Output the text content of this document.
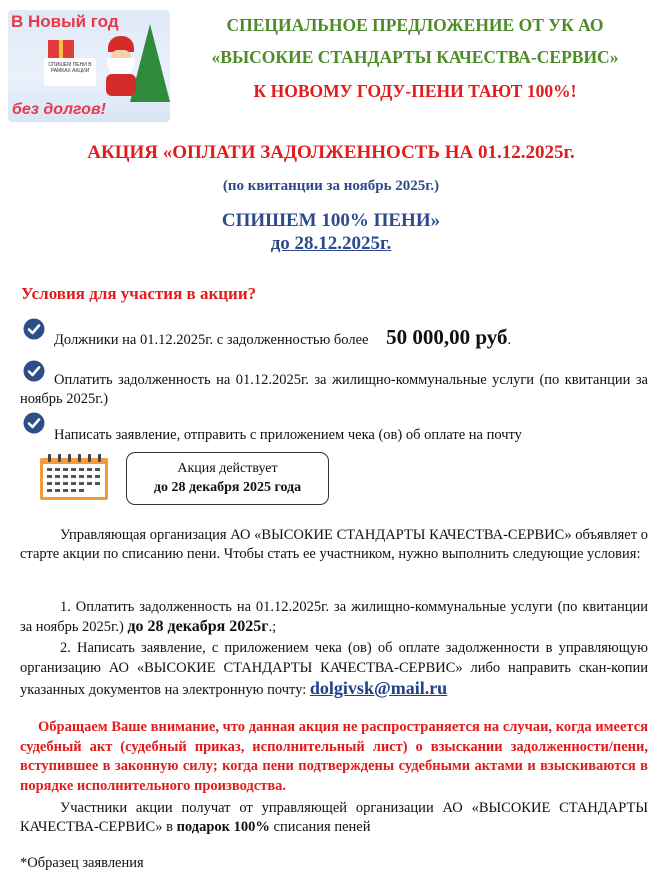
В Новый год
СПИШЕМ ПЕНИ В РАМКАХ АКЦИИ
без долгов!
СПЕЦИАЛЬНОЕ ПРЕДЛОЖЕНИЕ ОТ УК АО
«ВЫСОКИЕ СТАНДАРТЫ КАЧЕСТВА-СЕРВИС»
К НОВОМУ ГОДУ-ПЕНИ ТАЮТ 100%!
АКЦИЯ «ОПЛАТИ ЗАДОЛЖЕННОСТЬ НА 01.12.2025г.
(по квитанции за ноябрь 2025г.)
СПИШЕМ 100% ПЕНИ»
до 28.12.2025г.
Условия для участия в акции?
Должники на 01.12.2025г. с задолженностью более 50 000,00 руб.
Оплатить задолженность на 01.12.2025г. за жилищно-коммунальные услуги (по квитанции за ноябрь 2025г.)
Написать заявление, отправить с приложением чека (ов) об оплате на почту
Акция действует
до 28 декабря 2025 года
Управляющая организация АО «ВЫСОКИЕ СТАНДАРТЫ КАЧЕСТВА-СЕРВИС» объявляет о старте акции по списанию пени. Чтобы стать ее участником, нужно выполнить следующие условия:
1. Оплатить задолженность на 01.12.2025г. за жилищно-коммунальные услуги (по квитанции за ноябрь 2025г.) до 28 декабря 2025г.;
2. Написать заявление, с приложением чека (ов) об оплате задолженности в управляющую организацию АО «ВЫСОКИЕ СТАНДАРТЫ КАЧЕСТВА-СЕРВИС» либо направить скан-копии указанных документов на электронную почту: dolgivsk@mail.ru
Обращаем Ваше внимание, что данная акция не распространяется на случаи, когда имеется судебный акт (судебный приказ, исполнительный лист) о взыскании задолженности/пени, вступившее в законную силу; когда пени подтверждены судебными актами и взыскиваются в порядке исполнительного производства.
Участники акции получат от управляющей организации АО «ВЫСОКИЕ СТАНДАРТЫ КАЧЕСТВА-СЕРВИС» в подарок 100% списания пеней
*Образец заявления
